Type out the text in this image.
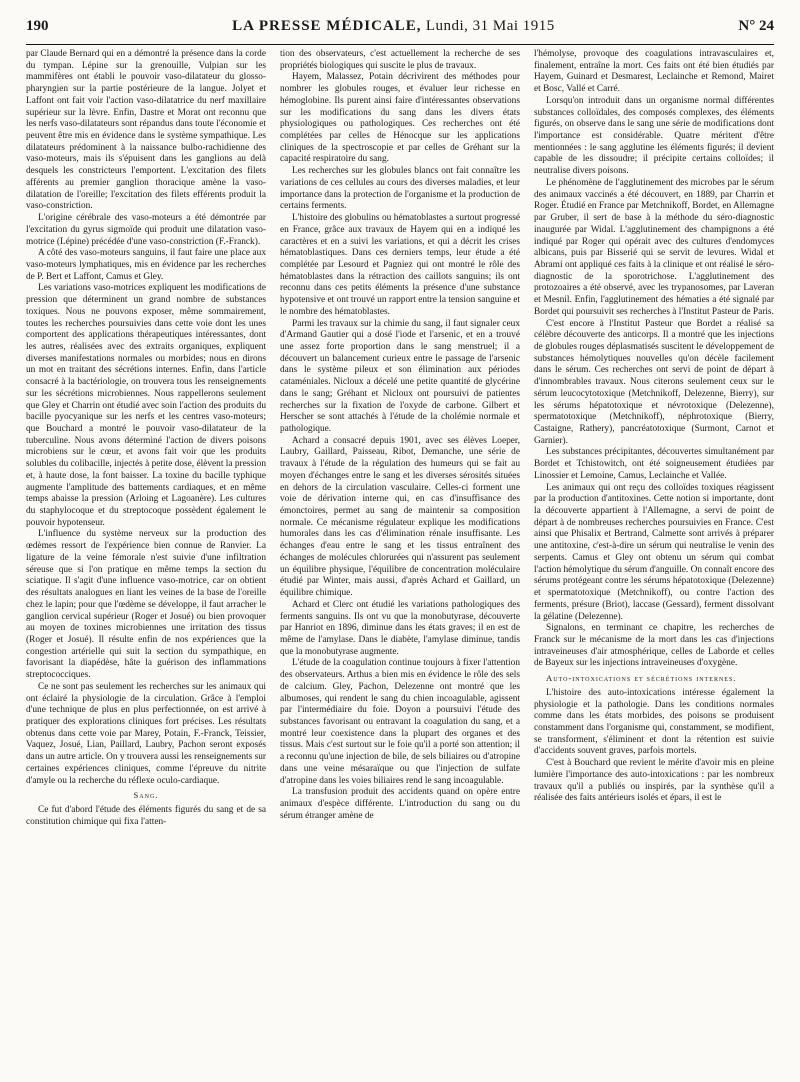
190	LA PRESSE MÉDICALE, Lundi, 31 Mai 1915	N° 24

par Claude Bernard qui en a démontré la présence dans la corde du tympan. Lépine sur la grenouille, Vulpian sur les mammifères ont établi le pouvoir vaso-dilatateur du glosso-pharyngien sur la partie postérieure de la langue. Jolyet et Laffont ont fait voir l'action vaso-dilatatrice du nerf maxillaire supérieur sur la lèvre. Enfin, Dastre et Morat ont reconnu que les nerfs vaso-dilatateurs sont répandus dans toute l'économie et peuvent être mis en évidence dans le système sympathique. Les dilatateurs prédominent à la naissance bulbo-rachidienne des vaso-moteurs, mais ils s'épuisent dans les ganglions au delà desquels les constricteurs l'emportent. L'excitation des filets afférents au premier ganglion thoracique amène la vaso-dilatation de l'oreille; l'excitation des filets efférents produit la vaso-constriction.

L'origine cérébrale des vaso-moteurs a été démontrée par l'excitation du gyrus sigmoïde qui produit une dilatation vaso-motrice (Lépine) précédée d'une vaso-constriction (F.-Franck).

A côté des vaso-moteurs sanguins, il faut faire une place aux vaso-moteurs lymphatiques, mis en évidence par les recherches de P. Bert et Laffont, Camus et Gley.

Les variations vaso-motrices expliquent les modifications de pression que déterminent un grand nombre de substances toxiques. Nous ne pouvons exposer, même sommairement, toutes les recherches poursuivies dans cette voie dont les unes comportent des applications thérapeutiques intéressantes, dont les autres, réalisées avec des extraits organiques, expliquent diverses manifestations normales ou morbides; nous en dirons un mot en traitant des sécrétions internes. Enfin, dans l'article consacré à la bactériologie, on trouvera tous les renseignements sur les sécrétions microbiennes. Nous rappellerons seulement que Gley et Charrin ont étudié avec soin l'action des produits du bacille pyocyanique sur les nerfs et les centres vaso-moteurs; que Bouchard a montré le pouvoir vaso-dilatateur de la tuberculine. Nous avons déterminé l'action de divers poisons microbiens sur le cœur, et avons fait voir que les produits solubles du colibacille, injectés à petite dose, élèvent la pression et, à haute dose, la font baisser. La toxine du bacille typhique augmente l'amplitude des battements cardiaques, et en même temps abaisse la pression (Arloing et Lagoanère). Les cultures du staphylocoque et du streptocoque possèdent également le pouvoir hypotenseur.

L'influence du système nerveux sur la production des œdèmes ressort de l'expérience bien connue de Ranvier. La ligature de la veine fémorale n'est suivie d'une infiltration séreuse que si l'on pratique en même temps la section du sciatique. Il s'agit d'une influence vaso-motrice, car on obtient des résultats analogues en liant les veines de la base de l'oreille chez le lapin; pour que l'œdème se développe, il faut arracher le ganglion cervical supérieur (Roger et Josué) ou bien provoquer au moyen de toxines microbiennes une irritation des tissus (Roger et Josué). Il résulte enfin de nos expériences que la congestion artérielle qui suit la section du sympathique, en favorisant la diapédèse, hâte la guérison des inflammations streptococciques.

Ce ne sont pas seulement les recherches sur les animaux qui ont éclairé la physiologie de la circulation. Grâce à l'emploi d'une technique de plus en plus perfectionnée, on est arrivé à pratiquer des explorations cliniques fort précises. Les résultats obtenus dans cette voie par Marey, Potain, F.-Franck, Teissier, Vaquez, Josué, Lian, Paillard, Laubry, Pachon seront exposés dans un autre article. On y trouvera aussi les renseignements sur certaines expériences cliniques, comme l'épreuve du nitrite d'amyle ou la recherche du réflexe oculo-cardiaque.

Sang.

Ce fut d'abord l'étude des éléments figurés du sang et de sa constitution chimique qui fixa l'atten-

tion des observateurs, c'est actuellement la recherche de ses propriétés biologiques qui suscite le plus de travaux.

Hayem, Malassez, Potain décrivirent des méthodes pour nombrer les globules rouges, et évaluer leur richesse en hémoglobine. Ils purent ainsi faire d'intéressantes observations sur les modifications du sang dans les divers états physiologiques ou pathologiques. Ces recherches ont été complétées par celles de Hénocque sur les applications cliniques de la spectroscopie et par celles de Gréhant sur la capacité respiratoire du sang.

Les recherches sur les globules blancs ont fait connaître les variations de ces cellules au cours des diverses maladies, et leur importance dans la protection de l'organisme et la production de certains ferments.

L'histoire des globulins ou hématoblastes a surtout progressé en France, grâce aux travaux de Hayem qui en a indiqué les caractères et en a suivi les variations, et qui a décrit les crises hématoblastiques. Dans ces derniers temps, leur étude a été complétée par Lesourd et Pagniez qui ont montré le rôle des hématoblastes dans la rétraction des caillots sanguins; ils ont reconnu dans ces petits éléments la présence d'une substance hypotensive et ont trouvé un rapport entre la tension sanguine et le nombre des hématoblastes.

Parmi les travaux sur la chimie du sang, il faut signaler ceux d'Armand Gautier qui a dosé l'iode et l'arsenic, et en a trouvé une assez forte proportion dans le sang menstruel; il a découvert un balancement curieux entre le passage de l'arsenic dans le système pileux et son élimination aux périodes cataméniales. Nicloux a décelé une petite quantité de glycérine dans le sang; Gréhant et Nicloux ont poursuivi de patientes recherches sur la fixation de l'oxyde de carbone. Gilbert et Herscher se sont attachés à l'étude de la cholémie normale et pathologique.

Achard a consacré depuis 1901, avec ses élèves Loeper, Laubry, Gaillard, Paisseau, Ribot, Demanche, une série de travaux à l'étude de la régulation des humeurs qui se fait au moyen d'échanges entre le sang et les diverses sérosités situées en dehors de la circulation vasculaire. Celles-ci forment une voie de dérivation interne qui, en cas d'insuffisance des émonctoires, permet au sang de maintenir sa composition normale. Ce mécanisme régulateur explique les modifications humorales dans les cas d'élimination rénale insuffisante. Les échanges d'eau entre le sang et les tissus entraînent des échanges de molécules chlorurées qui n'assurent pas seulement un équilibre physique, l'équilibre de concentration moléculaire étudié par Winter, mais aussi, d'après Achard et Gaillard, un équilibre chimique.

Achard et Clerc ont étudié les variations pathologiques des ferments sanguins. Ils ont vu que la monobutyrase, découverte par Hanriot en 1896, diminue dans les états graves; il en est de même de l'amylase. Dans le diabète, l'amylase diminue, tandis que la monobutyrase augmente.

L'étude de la coagulation continue toujours à fixer l'attention des observateurs. Arthus a bien mis en évidence le rôle des sels de calcium. Gley, Pachon, Delezenne ont montré que les albumoses, qui rendent le sang du chien incoagulable, agissent par l'intermédiaire du foie. Doyon a poursuivi l'étude des substances favorisant ou entravant la coagulation du sang, et a montré leur coexistence dans la plupart des organes et des tissus. Mais c'est surtout sur le foie qu'il a porté son attention; il a reconnu qu'une injection de bile, de sels biliaires ou d'atropine dans une veine mésaraïque ou que l'injection de sulfate d'atropine dans les voies biliaires rend le sang incoagulable.

La transfusion produit des accidents quand on opère entre animaux d'espèce différente. L'introduction du sang ou du sérum étranger amène de

l'hémolyse, provoque des coagulations intravasculaires et, finalement, entraîne la mort. Ces faits ont été bien étudiés par Hayem, Guinard et Desmarest, Leclainche et Remond, Mairet et Bosc, Vallé et Carré.

Lorsqu'on introduit dans un organisme normal différentes substances colloïdales, des composés complexes, des éléments figurés, on observe dans le sang une série de modifications dont l'importance est considérable. Quatre méritent d'être mentionnées : le sang agglutine les éléments figurés; il devient capable de les dissoudre; il précipite certains colloïdes; il neutralise divers poisons.

Le phénomène de l'agglutinement des microbes par le sérum des animaux vaccinés a été découvert, en 1889, par Charrin et Roger. Étudié en France par Metchnikoff, Bordet, en Allemagne par Gruber, il sert de base à la méthode du séro-diagnostic inaugurée par Widal. L'agglutinement des champignons a été indiqué par Roger qui opérait avec des cultures d'endomyces albicans, puis par Bisserié qui se servit de levures. Widal et Abrami ont appliqué ces faits à la clinique et ont réalisé le séro-diagnostic de la sporotrichose. L'agglutinement des protozoaires a été observé, avec les trypanosomes, par Laveran et Mesnil. Enfin, l'agglutinement des hématies a été signalé par Bordet qui poursuivit ses recherches à l'Institut Pasteur de Paris.

C'est encore à l'Institut Pasteur que Bordet a réalisé sa célèbre découverte des anticorps. Il a montré que les injections de globules rouges déplasmatisés suscitent le développement de substances hémolytiques nouvelles qu'on décèle facilement dans le sérum. Ces recherches ont servi de point de départ à d'innombrables travaux. Nous citerons seulement ceux sur le sérum leucocytotoxique (Metchnikoff, Delezenne, Bierry), sur les sérums hépatotoxique et névrotoxique (Delezenne), spermatotoxique (Metchnikoff), néphrotoxique (Bierry, Castaigne, Rathery), pancréatotoxique (Surmont, Carnot et Garnier).

Les substances précipitantes, découvertes simultanément par Bordet et Tchistowitch, ont été soigneusement étudiées par Linossier et Lemoine, Camus, Leclainche et Vallée.

Les animaux qui ont reçu des colloïdes toxiques réagissent par la production d'antitoxines. Cette notion si importante, dont la découverte appartient à l'Allemagne, a servi de point de départ à de nombreuses recherches poursuivies en France. C'est ainsi que Phisalix et Bertrand, Calmette sont arrivés à préparer une antitoxine, c'est-à-dire un sérum qui neutralise le venin des serpents. Camus et Gley ont obtenu un sérum qui combat l'action hémolytique du sérum d'anguille. On connaît encore des sérums protégeant contre les sérums hépatotoxique (Delezenne) et spermatotoxique (Metchnikoff), ou contre l'action des ferments, présure (Briot), laccase (Gessard), ferment dissolvant la gélatine (Delezenne).

Signalons, en terminant ce chapitre, les recherches de Franck sur le mécanisme de la mort dans les cas d'injections intraveineuses d'air atmosphérique, celles de Laborde et celles de Bayeux sur les injections intraveineuses d'oxygène.

Auto-intoxications et sécrétions internes.

L'histoire des auto-intoxications intéresse également la physiologie et la pathologie. Dans les conditions normales comme dans les états morbides, des poisons se produisent constamment dans l'organisme qui, constamment, se modifient, se transforment, s'éliminent et dont la rétention est suivie d'accidents souvent graves, parfois mortels.

C'est à Bouchard que revient le mérite d'avoir mis en pleine lumière l'importance des auto-intoxications : par les nombreux travaux qu'il a publiés ou inspirés, par la synthèse qu'il a réalisée des faits antérieurs isolés et épars, il est le
